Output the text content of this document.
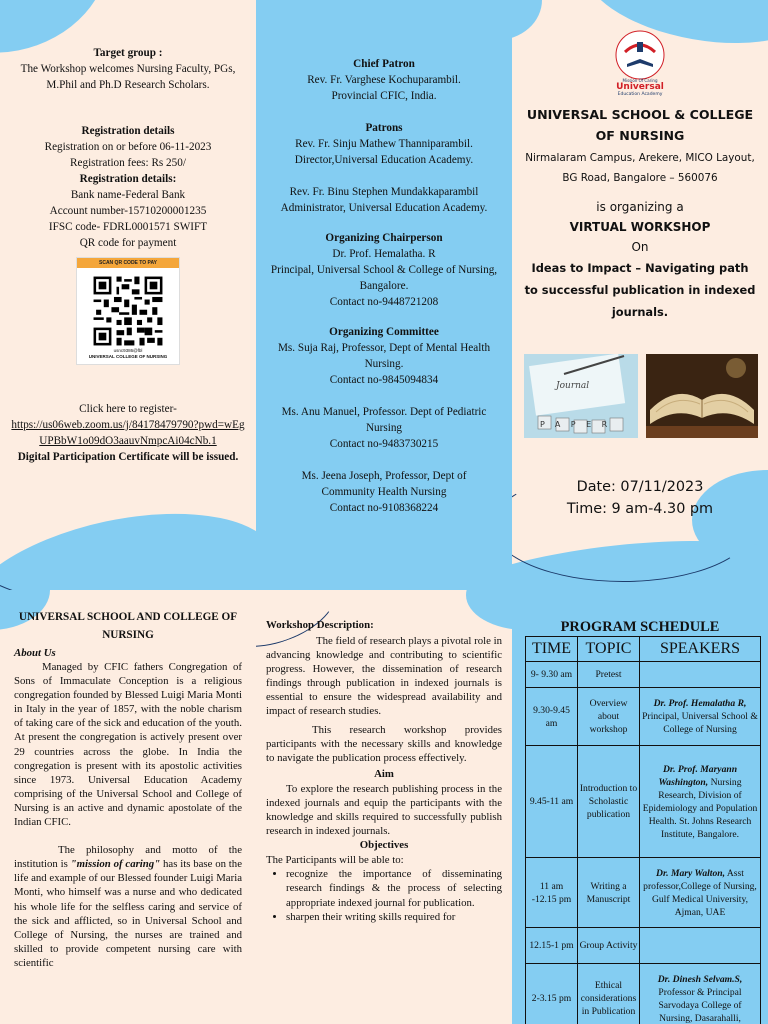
Target group :
The Workshop welcomes Nursing Faculty, PGs, M.Phil and Ph.D Research Scholars.
Registration details
Registration on or before 06-11-2023
Registration fees: Rs 250/
Registration details:
Bank name-Federal Bank
Account number-15710200001235
IFSC code- FDRL0001571 SWIFT
QR code for payment
SCAN QR CODE TO PAY
usnc9386@fbl
UNIVERSAL COLLEGE OF NURSING
Click here to register-
https://us06web.zoom.us/j/84178479790?pwd=wEgUPBbW1o09dO3aauvNmpcAi04cNb.1
Digital Participation Certificate will be issued.
Chief Patron
Rev. Fr. Varghese Kochuparambil.
Provincial CFIC, India.
Patrons
Rev. Fr. Sinju Mathew Thanniparambil.
Director,Universal Education Academy.
Rev. Fr. Binu Stephen Mundakkaparambil
Administrator, Universal Education Academy.
Organizing Chairperson
Dr. Prof. Hemalatha. R
Principal, Universal School & College of Nursing, Bangalore.
Contact no-9448721208
Organizing Committee
Ms. Suja Raj, Professor, Dept of Mental Health Nursing.
Contact no-9845094834
Ms. Anu Manuel, Professor. Dept of Pediatric Nursing
Contact no-9483730215
Ms. Jeena Joseph, Professor, Dept of Community Health Nursing
Contact no-9108368224
Mission Of Caring
Universal
Education Academy
UNIVERSAL SCHOOL & COLLEGE OF NURSING
Nirmalaram Campus, Arekere, MICO Layout,
BG Road, Bangalore – 560076
is organizing a
VIRTUAL WORKSHOP
On
Ideas to Impact – Navigating path to successful publication in indexed journals.
Journal
PAPER
Date: 07/11/2023
Time: 9 am-4.30 pm
UNIVERSAL SCHOOL AND COLLEGE OF NURSING
About Us
Managed by CFIC fathers Congregation of Sons of Immaculate Conception is a religious congregation founded by Blessed Luigi Maria Monti in Italy in the year of 1857, with the noble charism of taking care of the sick and education of the youth. At present the congregation is actively present over 29 countries across the globe. In India the congregation is present with its apostolic activities since 1973. Universal Education Academy comprising of the Universal School and College of Nursing is an active and dynamic apostolate of the Indian CFIC.
The philosophy and motto of the institution is "mission of caring" has its base on the life and example of our Blessed founder Luigi Maria Monti, who himself was a nurse and who dedicated his whole life for the selfless caring and service of the sick and afflicted, so in Universal School and College of Nursing, the nurses are trained and skilled to provide competent nursing care with scientific
Workshop Description:
The field of research plays a pivotal role in advancing knowledge and contributing to scientific progress. However, the dissemination of research findings through publication in indexed journals is essential to ensure the widespread availability and impact of research studies.
This research workshop provides participants with the necessary skills and knowledge to navigate the publication process effectively.
Aim
To explore the research publishing process in the indexed journals and equip the participants with the knowledge and skills required to successfully publish research in indexed journals.
Objectives
The Participants will be able to:
• recognize the importance of disseminating research findings & the process of selecting appropriate indexed journal for publication.
• sharpen their writing skills required for
PROGRAM SCHEDULE
TIME	TOPIC	SPEAKERS
9- 9.30 am	Pretest	
9.30-9.45 am	Overview about workshop	Dr. Prof. Hemalatha R, Principal, Universal School & College of Nursing
9.45-11 am	Introduction to Scholastic publication	Dr. Prof. Maryann Washington, Nursing Research, Division of Epidemiology and Population Health. St. Johns Research Institute, Bangalore.
11 am -12.15 pm	Writing a Manuscript	Dr. Mary Walton, Asst professor,College of Nursing, Gulf Medical University, Ajman, UAE
12.15-1 pm	Group Activity	
2-3.15 pm	Ethical considerations in Publication	Dr. Dinesh Selvam.S, Professor & Principal Sarvodaya College of Nursing, Dasarahalli,
